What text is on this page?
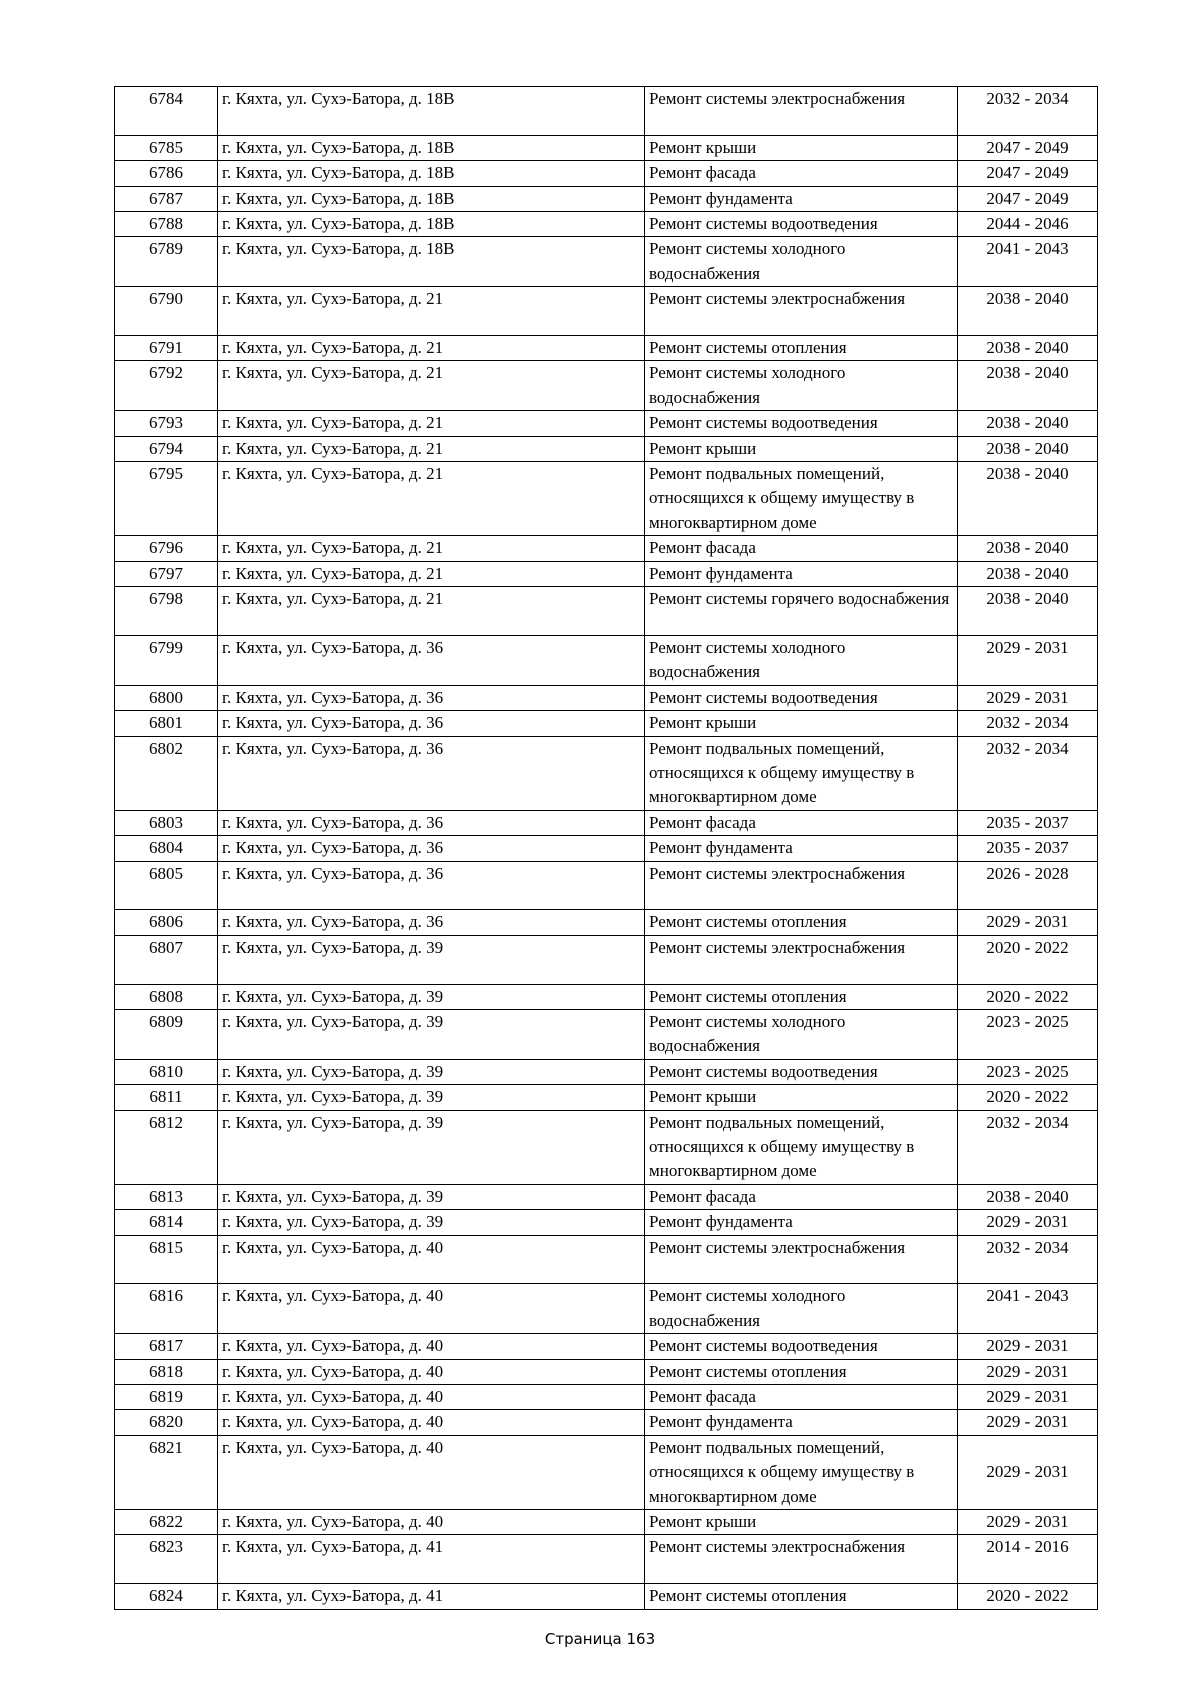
6784	г. Кяхта, ул. Сухэ-Батора, д. 18В	Ремонт системы электроснабжения	2032 - 2034
6785	г. Кяхта, ул. Сухэ-Батора, д. 18В	Ремонт крыши	2047 - 2049
6786	г. Кяхта, ул. Сухэ-Батора, д. 18В	Ремонт фасада	2047 - 2049
6787	г. Кяхта, ул. Сухэ-Батора, д. 18В	Ремонт фундамента	2047 - 2049
6788	г. Кяхта, ул. Сухэ-Батора, д. 18В	Ремонт системы водоотведения	2044 - 2046
6789	г. Кяхта, ул. Сухэ-Батора, д. 18В	Ремонт системы холодного водоснабжения	2041 - 2043
6790	г. Кяхта, ул. Сухэ-Батора, д. 21	Ремонт системы электроснабжения	2038 - 2040
6791	г. Кяхта, ул. Сухэ-Батора, д. 21	Ремонт системы отопления	2038 - 2040
6792	г. Кяхта, ул. Сухэ-Батора, д. 21	Ремонт системы холодного водоснабжения	2038 - 2040
6793	г. Кяхта, ул. Сухэ-Батора, д. 21	Ремонт системы водоотведения	2038 - 2040
6794	г. Кяхта, ул. Сухэ-Батора, д. 21	Ремонт крыши	2038 - 2040
6795	г. Кяхта, ул. Сухэ-Батора, д. 21	Ремонт подвальных помещений, относящихся к общему имуществу в многоквартирном доме	2038 - 2040
6796	г. Кяхта, ул. Сухэ-Батора, д. 21	Ремонт фасада	2038 - 2040
6797	г. Кяхта, ул. Сухэ-Батора, д. 21	Ремонт фундамента	2038 - 2040
6798	г. Кяхта, ул. Сухэ-Батора, д. 21	Ремонт системы горячего водоснабжения	2038 - 2040
6799	г. Кяхта, ул. Сухэ-Батора, д. 36	Ремонт системы холодного водоснабжения	2029 - 2031
6800	г. Кяхта, ул. Сухэ-Батора, д. 36	Ремонт системы водоотведения	2029 - 2031
6801	г. Кяхта, ул. Сухэ-Батора, д. 36	Ремонт крыши	2032 - 2034
6802	г. Кяхта, ул. Сухэ-Батора, д. 36	Ремонт подвальных помещений, относящихся к общему имуществу в многоквартирном доме	2032 - 2034
6803	г. Кяхта, ул. Сухэ-Батора, д. 36	Ремонт фасада	2035 - 2037
6804	г. Кяхта, ул. Сухэ-Батора, д. 36	Ремонт фундамента	2035 - 2037
6805	г. Кяхта, ул. Сухэ-Батора, д. 36	Ремонт системы электроснабжения	2026 - 2028
6806	г. Кяхта, ул. Сухэ-Батора, д. 36	Ремонт системы отопления	2029 - 2031
6807	г. Кяхта, ул. Сухэ-Батора, д. 39	Ремонт системы электроснабжения	2020 - 2022
6808	г. Кяхта, ул. Сухэ-Батора, д. 39	Ремонт системы отопления	2020 - 2022
6809	г. Кяхта, ул. Сухэ-Батора, д. 39	Ремонт системы холодного водоснабжения	2023 - 2025
6810	г. Кяхта, ул. Сухэ-Батора, д. 39	Ремонт системы водоотведения	2023 - 2025
6811	г. Кяхта, ул. Сухэ-Батора, д. 39	Ремонт крыши	2020 - 2022
6812	г. Кяхта, ул. Сухэ-Батора, д. 39	Ремонт подвальных помещений, относящихся к общему имуществу в многоквартирном доме	2032 - 2034
6813	г. Кяхта, ул. Сухэ-Батора, д. 39	Ремонт фасада	2038 - 2040
6814	г. Кяхта, ул. Сухэ-Батора, д. 39	Ремонт фундамента	2029 - 2031
6815	г. Кяхта, ул. Сухэ-Батора, д. 40	Ремонт системы электроснабжения	2032 - 2034
6816	г. Кяхта, ул. Сухэ-Батора, д. 40	Ремонт системы холодного водоснабжения	2041 - 2043
6817	г. Кяхта, ул. Сухэ-Батора, д. 40	Ремонт системы водоотведения	2029 - 2031
6818	г. Кяхта, ул. Сухэ-Батора, д. 40	Ремонт системы отопления	2029 - 2031
6819	г. Кяхта, ул. Сухэ-Батора, д. 40	Ремонт фасада	2029 - 2031
6820	г. Кяхта, ул. Сухэ-Батора, д. 40	Ремонт фундамента	2029 - 2031
6821	г. Кяхта, ул. Сухэ-Батора, д. 40	Ремонт подвальных помещений, относящихся к общему имуществу в многоквартирном доме	2029 - 2031
6822	г. Кяхта, ул. Сухэ-Батора, д. 40	Ремонт крыши	2029 - 2031
6823	г. Кяхта, ул. Сухэ-Батора, д. 41	Ремонт системы электроснабжения	2014 - 2016
6824	г. Кяхта, ул. Сухэ-Батора, д. 41	Ремонт системы отопления	2020 - 2022
Страница 163
